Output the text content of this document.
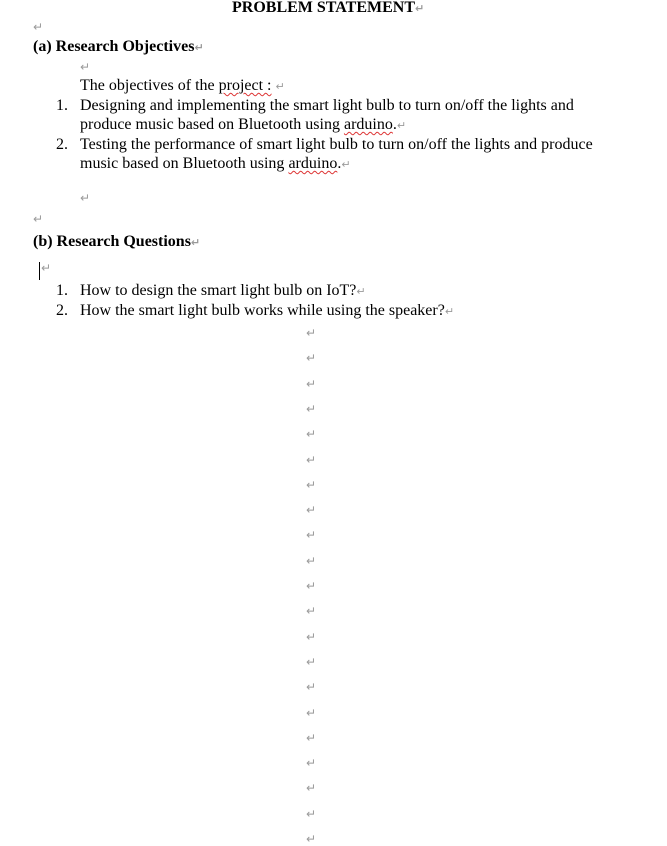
PROBLEM STATEMENT↵
↵
(a) Research Objectives↵
↵
The objectives of the project : ↵
1. Designing and implementing the smart light bulb to turn on/off the lights and
produce music based on Bluetooth using arduino.↵
2. Testing the performance of smart light bulb to turn on/off the lights and produce
music based on Bluetooth using arduino.↵
↵
↵
(b) Research Questions↵
↵
1. How to design the smart light bulb on IoT?↵
2. How the smart light bulb works while using the speaker?↵
↵
↵
↵
↵
↵
↵
↵
↵
↵
↵
↵
↵
↵
↵
↵
↵
↵
↵
↵
↵
↵
